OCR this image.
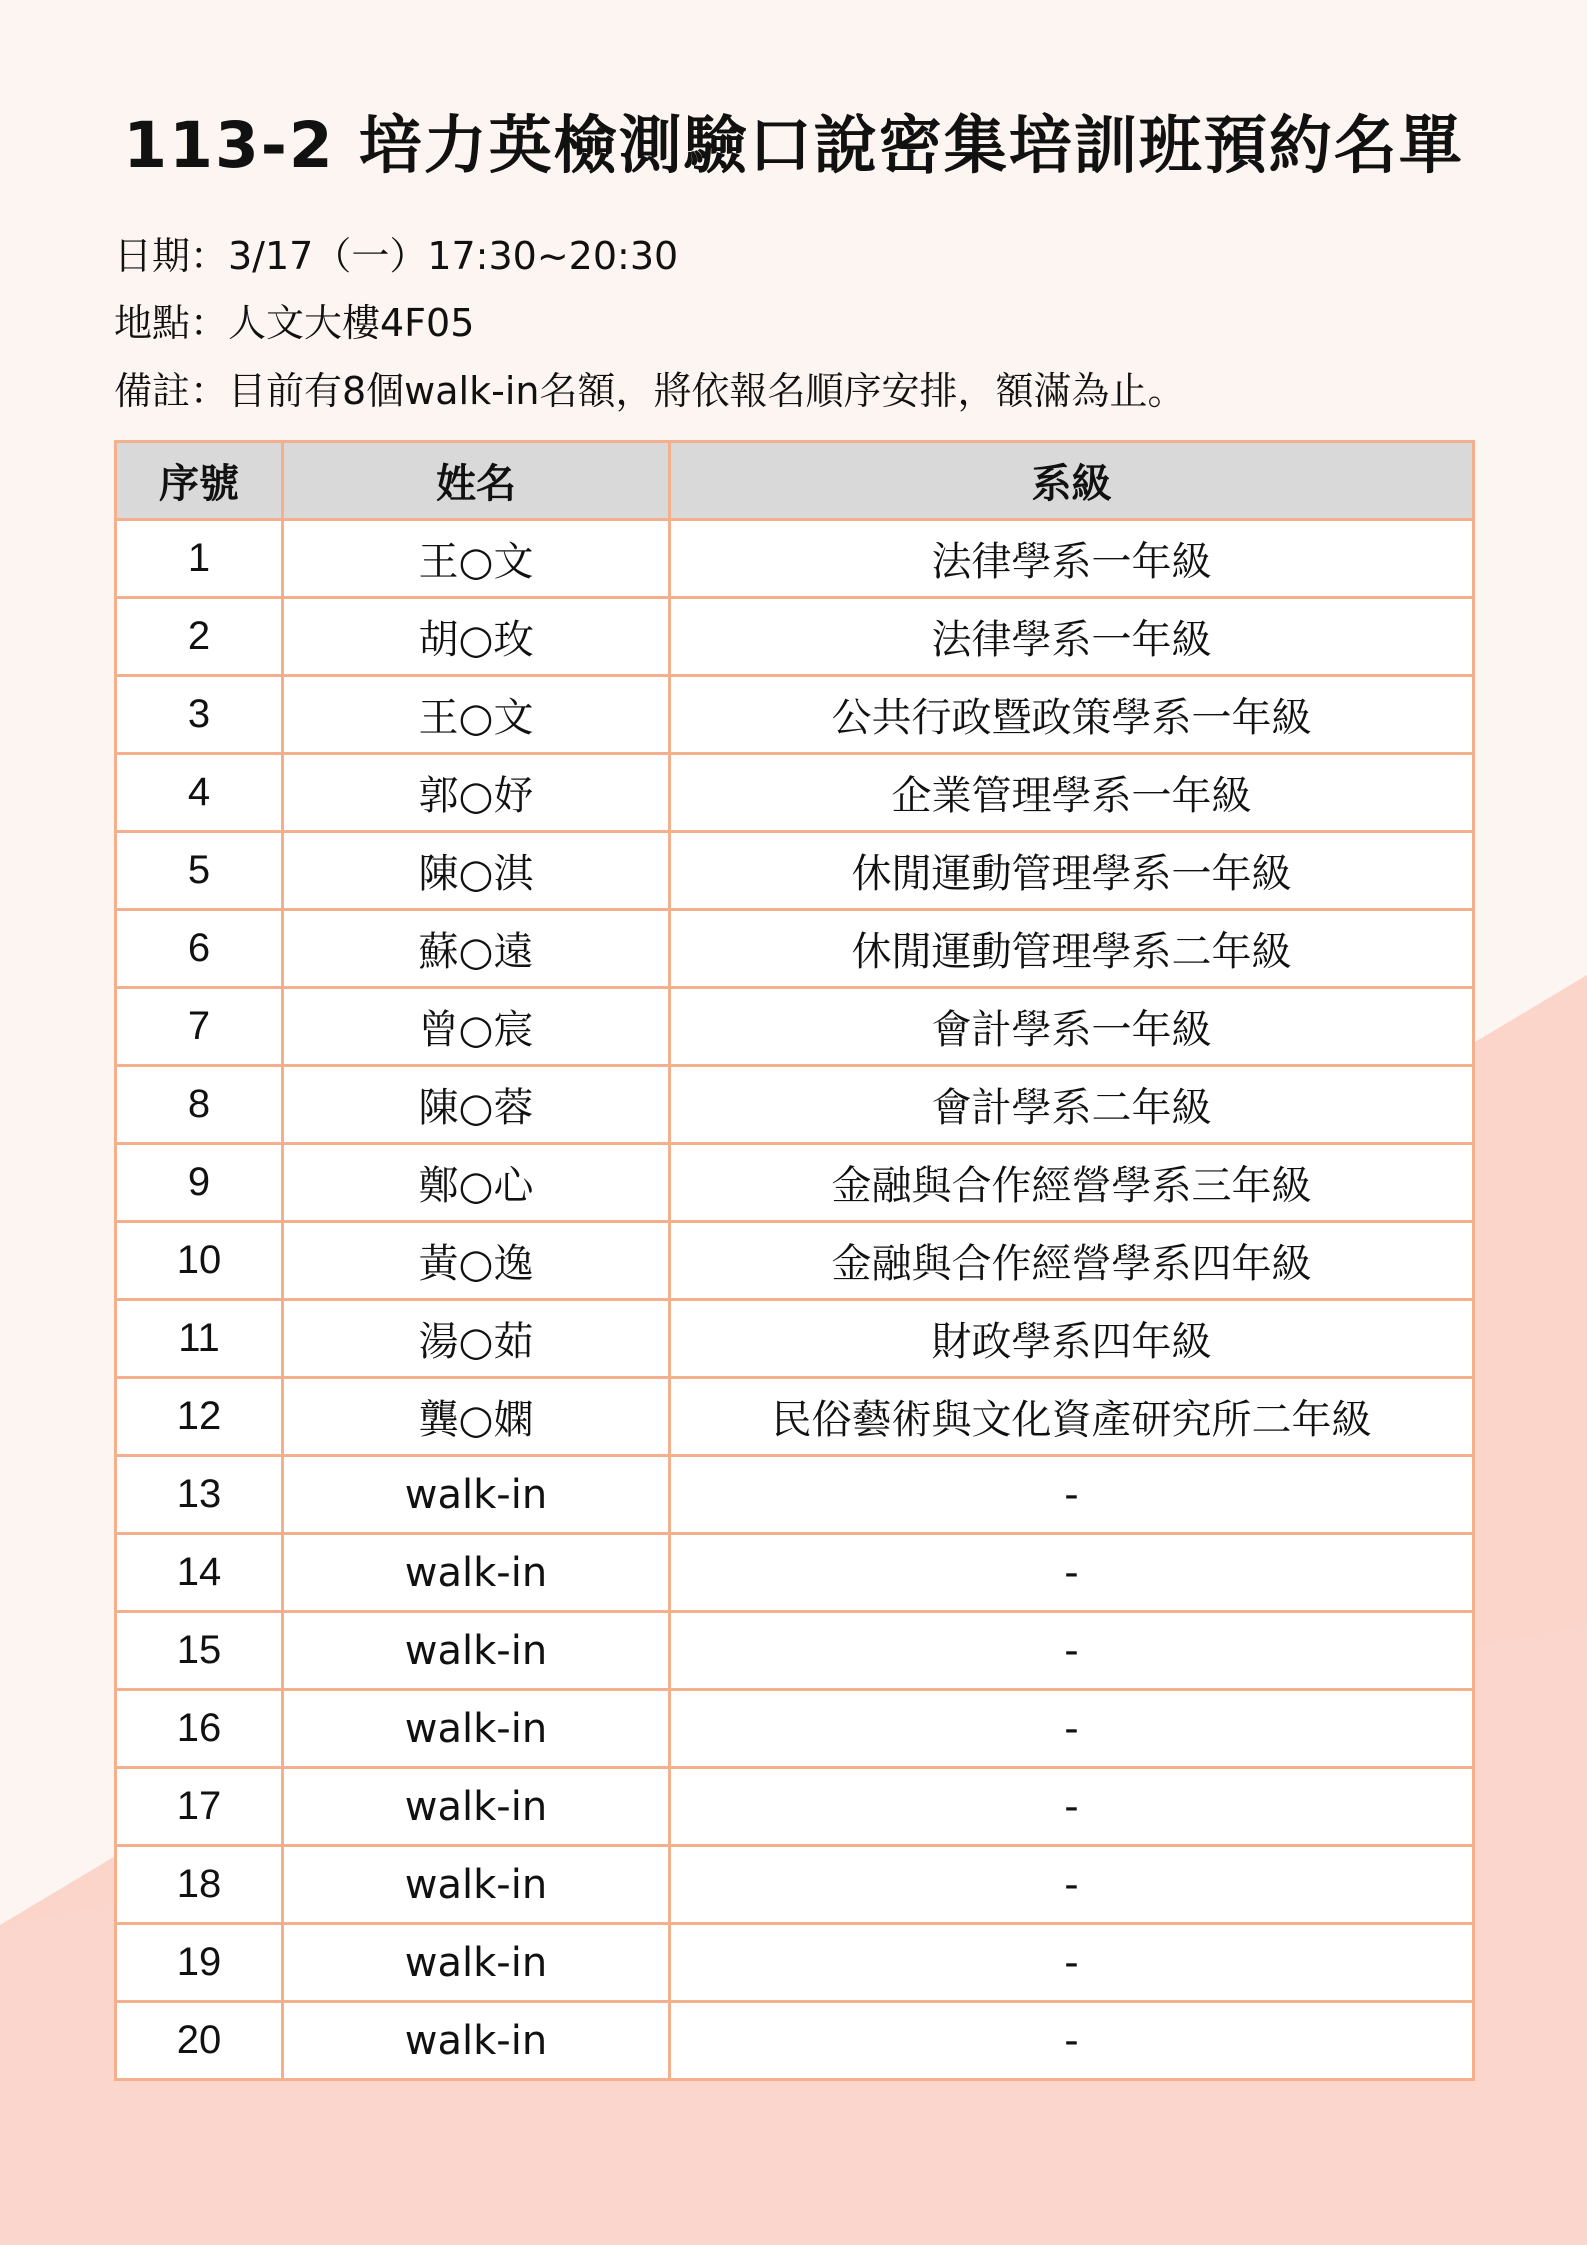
113-2 培力英檢測驗口說密集培訓班預約名單
日期：3/17（一）17:30~20:30
地點：人文大樓4F05
備註：目前有8個walk-in名額，將依報名順序安排，額滿為止。
序號	姓名	系級
1	王○文	法律學系一年級
2	胡○玫	法律學系一年級
3	王○文	公共行政暨政策學系一年級
4	郭○妤	企業管理學系一年級
5	陳○淇	休閒運動管理學系一年級
6	蘇○遠	休閒運動管理學系二年級
7	曾○宸	會計學系一年級
8	陳○蓉	會計學系二年級
9	鄭○心	金融與合作經營學系三年級
10	黃○逸	金融與合作經營學系四年級
11	湯○茹	財政學系四年級
12	龔○嫻	民俗藝術與文化資產研究所二年級
13	walk-in	-
14	walk-in	-
15	walk-in	-
16	walk-in	-
17	walk-in	-
18	walk-in	-
19	walk-in	-
20	walk-in	-
